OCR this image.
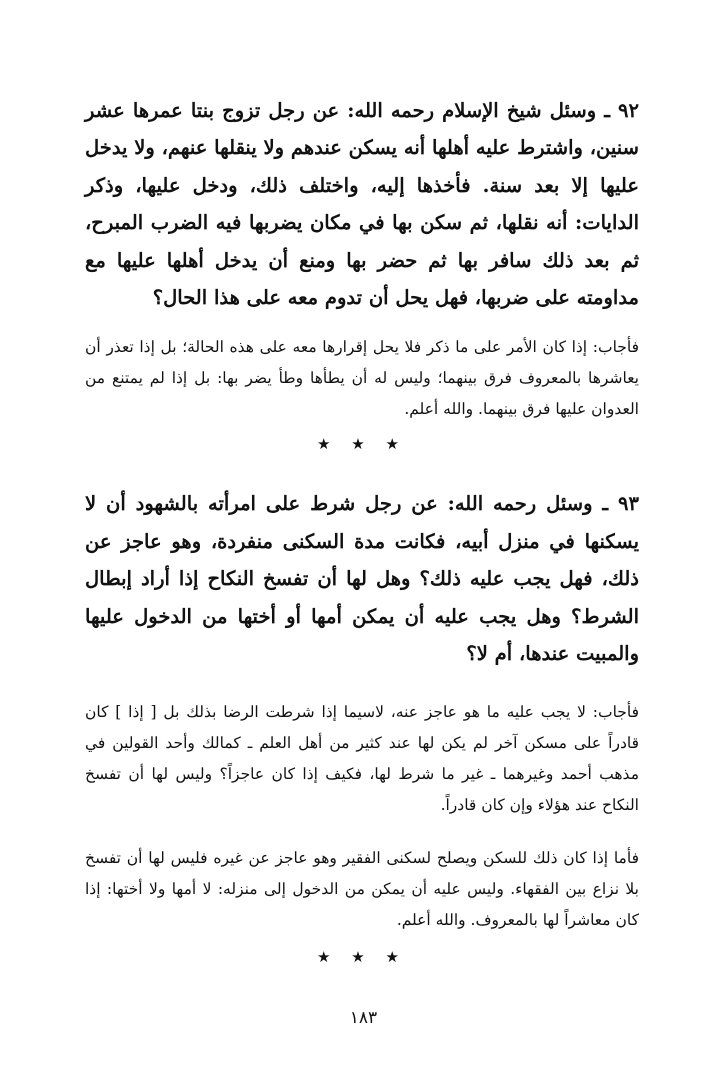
٩٢ ـ وسئل شيخ الإسلام رحمه الله: عن رجل تزوج بنتا عمرها عشر سنين، واشترط عليه أهلها أنه يسكن عندهم ولا ينقلها عنهم، ولا يدخل عليها إلا بعد سنة. فأخذها إليه، واختلف ذلك، ودخل عليها، وذكر الدايات: أنه نقلها، ثم سكن بها في مكان يضربها فيه الضرب المبرح، ثم بعد ذلك سافر بها ثم حضر بها ومنع أن يدخل أهلها عليها مع مداومته على ضربها، فهل يحل أن تدوم معه على هذا الحال؟

فأجاب: إذا كان الأمر على ما ذكر فلا يحل إقرارها معه على هذه الحالة؛ بل إذا تعذر أن يعاشرها بالمعروف فرق بينهما؛ وليس له أن يطأها وطأ يضر بها: بل إذا لم يمتنع من العدوان عليها فرق بينهما. والله أعلم.

★ ★ ★

٩٣ ـ وسئل رحمه الله: عن رجل شرط على امرأته بالشهود أن لا يسكنها في منزل أبيه، فكانت مدة السكنى منفردة، وهو عاجز عن ذلك، فهل يجب عليه ذلك؟ وهل لها أن تفسخ النكاح إذا أراد إبطال الشرط؟ وهل يجب عليه أن يمكن أمها أو أختها من الدخول عليها والمبيت عندها، أم لا؟

فأجاب: لا يجب عليه ما هو عاجز عنه، لاسيما إذا شرطت الرضا بذلك بل [ إذا ] كان قادراً على مسكن آخر لم يكن لها عند كثير من أهل العلم ـ كمالك وأحد القولين في مذهب أحمد وغيرهما ـ غير ما شرط لها، فكيف إذا كان عاجزاً؟ وليس لها أن تفسخ النكاح عند هؤلاء وإن كان قادراً.

فأما إذا كان ذلك للسكن ويصلح لسكنى الفقير وهو عاجز عن غيره فليس لها أن تفسخ بلا نزاع بين الفقهاء. وليس عليه أن يمكن من الدخول إلى منزله: لا أمها ولا أختها: إذا كان معاشراً لها بالمعروف. والله أعلم.

★ ★ ★
١٨٣
